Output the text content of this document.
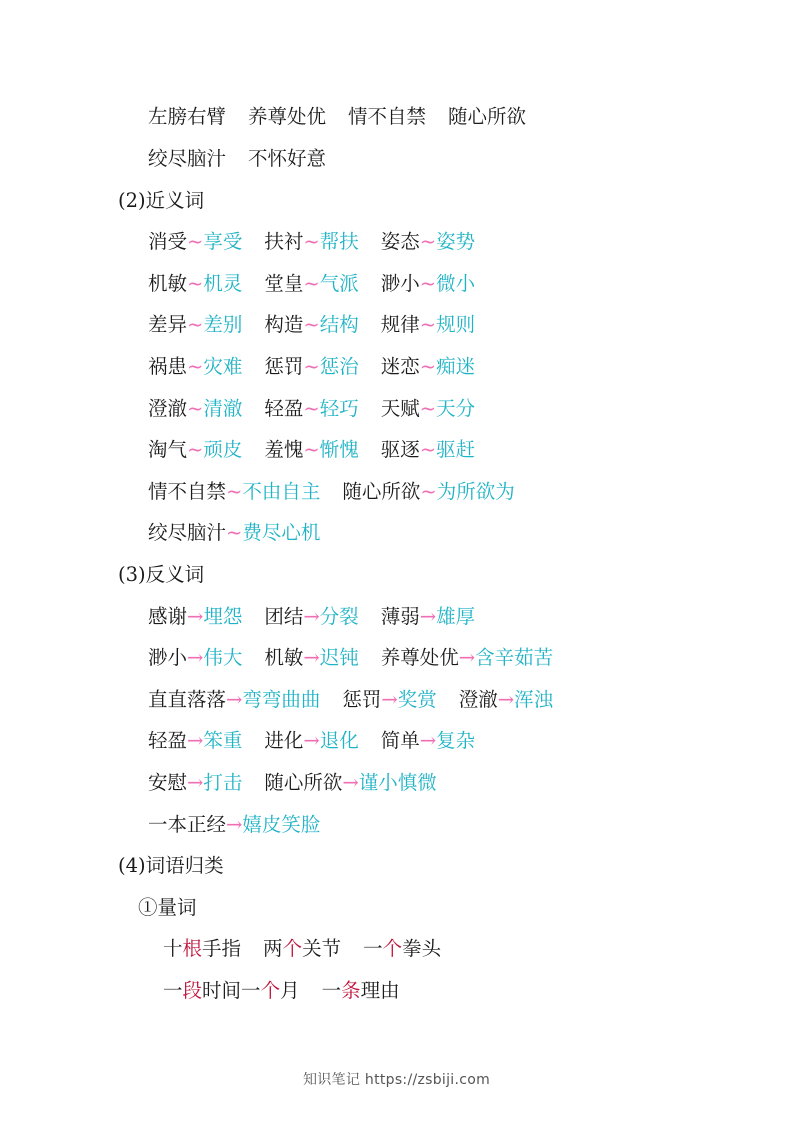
左膀右臂 养尊处优 情不自禁 随心所欲
绞尽脑汁 不怀好意
(2)近义词
消受~享受 扶衬~帮扶 姿态~姿势
机敏~机灵 堂皇~气派 渺小~微小
差异~差别 构造~结构 规律~规则
祸患~灾难 惩罚~惩治 迷恋~痴迷
澄澈~清澈 轻盈~轻巧 天赋~天分
淘气~顽皮 羞愧~惭愧 驱逐~驱赶
情不自禁~不由自主 随心所欲~为所欲为
绞尽脑汁~费尽心机
(3)反义词
感谢→埋怨 团结→分裂 薄弱→雄厚
渺小→伟大 机敏→迟钝 养尊处优→含辛茹苦
直直落落→弯弯曲曲 惩罚→奖赏 澄澈→浑浊
轻盈→笨重 进化→退化 简单→复杂
安慰→打击 随心所欲→谨小慎微
一本正经→嬉皮笑脸
(4)词语归类
①量词
十根手指 两个关节 一个拳头
一段时间一个月 一条理由
知识笔记 https://zsbiji.com
